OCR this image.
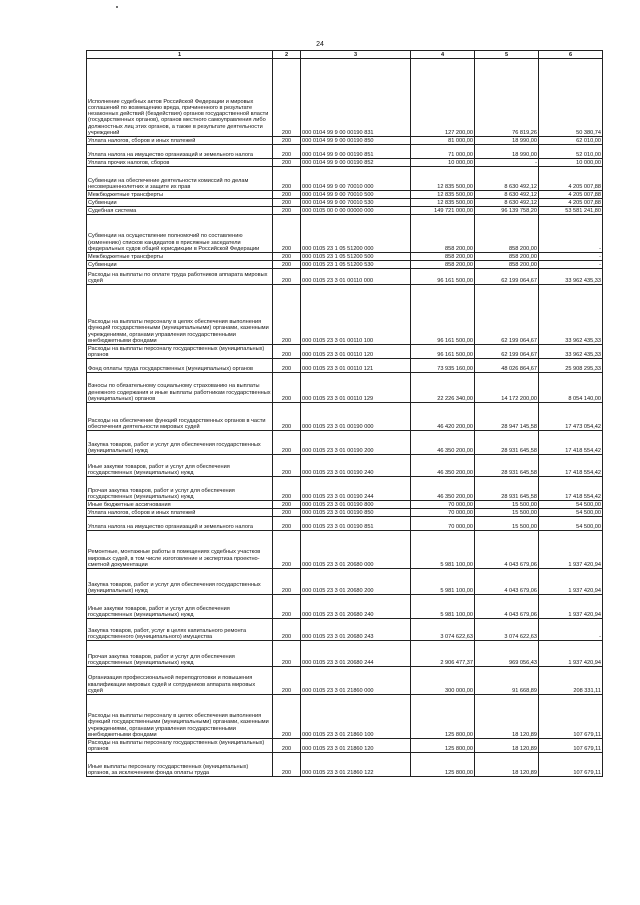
24
1	2	3	4	5	6
Исполнение судебных актов Российской Федерации и мировых соглашений по возмещению вреда, причиненного в результате незаконных действий (бездействия) органов государственной власти (государственных органов), органов местного самоуправления либо должностных лиц этих органов, а также в результате деятельности учреждений	200	000 0104 99 9 00 00190 831	127 200,00	76 819,26	50 380,74
Уплата налогов, сборов и иных платежей	200	000 0104 99 9 00 00190 850	81 000,00	18 990,00	62 010,00
Уплата налога на имущество организаций и земельного налога	200	000 0104 99 9 00 00190 851	71 000,00	18 990,00	52 010,00
Уплата прочих налогов, сборов	200	000 0104 99 9 00 00190 852	10 000,00	-	10 000,00
Субвенции на обеспечение деятельности комиссий по делам несовершеннолетних и защите их прав	200	000 0104 99 9 00 70010 000	12 835 500,00	8 630 492,12	4 205 007,88
Межбюджетные трансферты	200	000 0104 99 9 00 70010 500	12 835 500,00	8 630 492,12	4 205 007,88
Субвенции	200	000 0104 99 9 00 70010 530	12 835 500,00	8 630 492,12	4 205 007,88
Судебная система	200	000 0105 00 0 00 00000 000	149 721 000,00	96 139 758,20	53 581 241,80
Субвенции на осуществление полномочий по составлению (изменению) списков кандидатов в присяжные заседатели федеральных судов общей юрисдикции в Российской Федерации	200	000 0105 23 1 05 51200 000	858 200,00	858 200,00	-
Межбюджетные трансферты	200	000 0105 23 1 05 51200 500	858 200,00	858 200,00	-
Субвенции	200	000 0105 23 1 05 51200 530	858 200,00	858 200,00	-
Расходы на выплаты по оплате труда работников аппарата мировых судей	200	000 0105 23 3 01 00110 000	96 161 500,00	62 199 064,67	33 962 435,33
Расходы на выплаты персоналу в целях обеспечения выполнения функций государственными (муниципальными) органами, казенными учреждениями, органами управления государственными внебюджетными фондами	200	000 0105 23 3 01 00110 100	96 161 500,00	62 199 064,67	33 962 435,33
Расходы на выплаты персоналу государственных (муниципальных) органов	200	000 0105 23 3 01 00110 120	96 161 500,00	62 199 064,67	33 962 435,33
Фонд оплаты труда государственных (муниципальных) органов	200	000 0105 23 3 01 00110 121	73 935 160,00	48 026 864,67	25 908 295,33
Взносы по обязательному социальному страхованию на выплаты денежного содержания и иные выплаты работникам государственных (муниципальных) органов	200	000 0105 23 3 01 00110 129	22 226 340,00	14 172 200,00	8 054 140,00
Расходы на обеспечение функций государственных органов в части обеспечения деятельности мировых судей	200	000 0105 23 3 01 00190 000	46 420 200,00	28 947 145,58	17 473 054,42
Закупка товаров, работ и услуг для обеспечения государственных (муниципальных) нужд	200	000 0105 23 3 01 00190 200	46 350 200,00	28 931 645,58	17 418 554,42
Иные закупки товаров, работ и услуг для обеспечения государственных (муниципальных) нужд	200	000 0105 23 3 01 00190 240	46 350 200,00	28 931 645,58	17 418 554,42
Прочая закупка товаров, работ и услуг для обеспечения государственных (муниципальных) нужд	200	000 0105 23 3 01 00190 244	46 350 200,00	28 931 645,58	17 418 554,42
Иные бюджетные ассигнования	200	000 0105 23 3 01 00190 800	70 000,00	15 500,00	54 500,00
Уплата налогов, сборов и иных платежей	200	000 0105 23 3 01 00190 850	70 000,00	15 500,00	54 500,00
Уплата налога на имущество организаций и земельного налога	200	000 0105 23 3 01 00190 851	70 000,00	15 500,00	54 500,00
Ремонтные, монтажные работы в помещениях судебных участков мировых судей, в том числе изготовление и экспертиза проектно-сметной документации	200	000 0105 23 3 01 20680 000	5 981 100,00	4 043 679,06	1 937 420,94
Закупка товаров, работ и услуг для обеспечения государственных (муниципальных) нужд	200	000 0105 23 3 01 20680 200	5 981 100,00	4 043 679,06	1 937 420,94
Иные закупки товаров, работ и услуг для обеспечения государственных (муниципальных) нужд	200	000 0105 23 3 01 20680 240	5 981 100,00	4 043 679,06	1 937 420,94
Закупка товаров, работ, услуг в целях капитального ремонта государственного (муниципального) имущества	200	000 0105 23 3 01 20680 243	3 074 622,63	3 074 622,63	-
Прочая закупка товаров, работ и услуг для обеспечения государственных (муниципальных) нужд	200	000 0105 23 3 01 20680 244	2 906 477,37	969 056,43	1 937 420,94
Организация профессиональной переподготовки и повышения квалификации мировых судей и сотрудников аппарата мировых судей	200	000 0105 23 3 01 21860 000	300 000,00	91 668,89	208 331,11
Расходы на выплаты персоналу в целях обеспечения выполнения функций государственными (муниципальными) органами, казенными учреждениями, органами управления государственными внебюджетными фондами	200	000 0105 23 3 01 21860 100	125 800,00	18 120,89	107 679,11
Расходы на выплаты персоналу государственных (муниципальных) органов	200	000 0105 23 3 01 21860 120	125 800,00	18 120,89	107 679,11
Иные выплаты персоналу государственных (муниципальных) органов, за исключением фонда оплаты труда	200	000 0105 23 3 01 21860 122	125 800,00	18 120,89	107 679,11
